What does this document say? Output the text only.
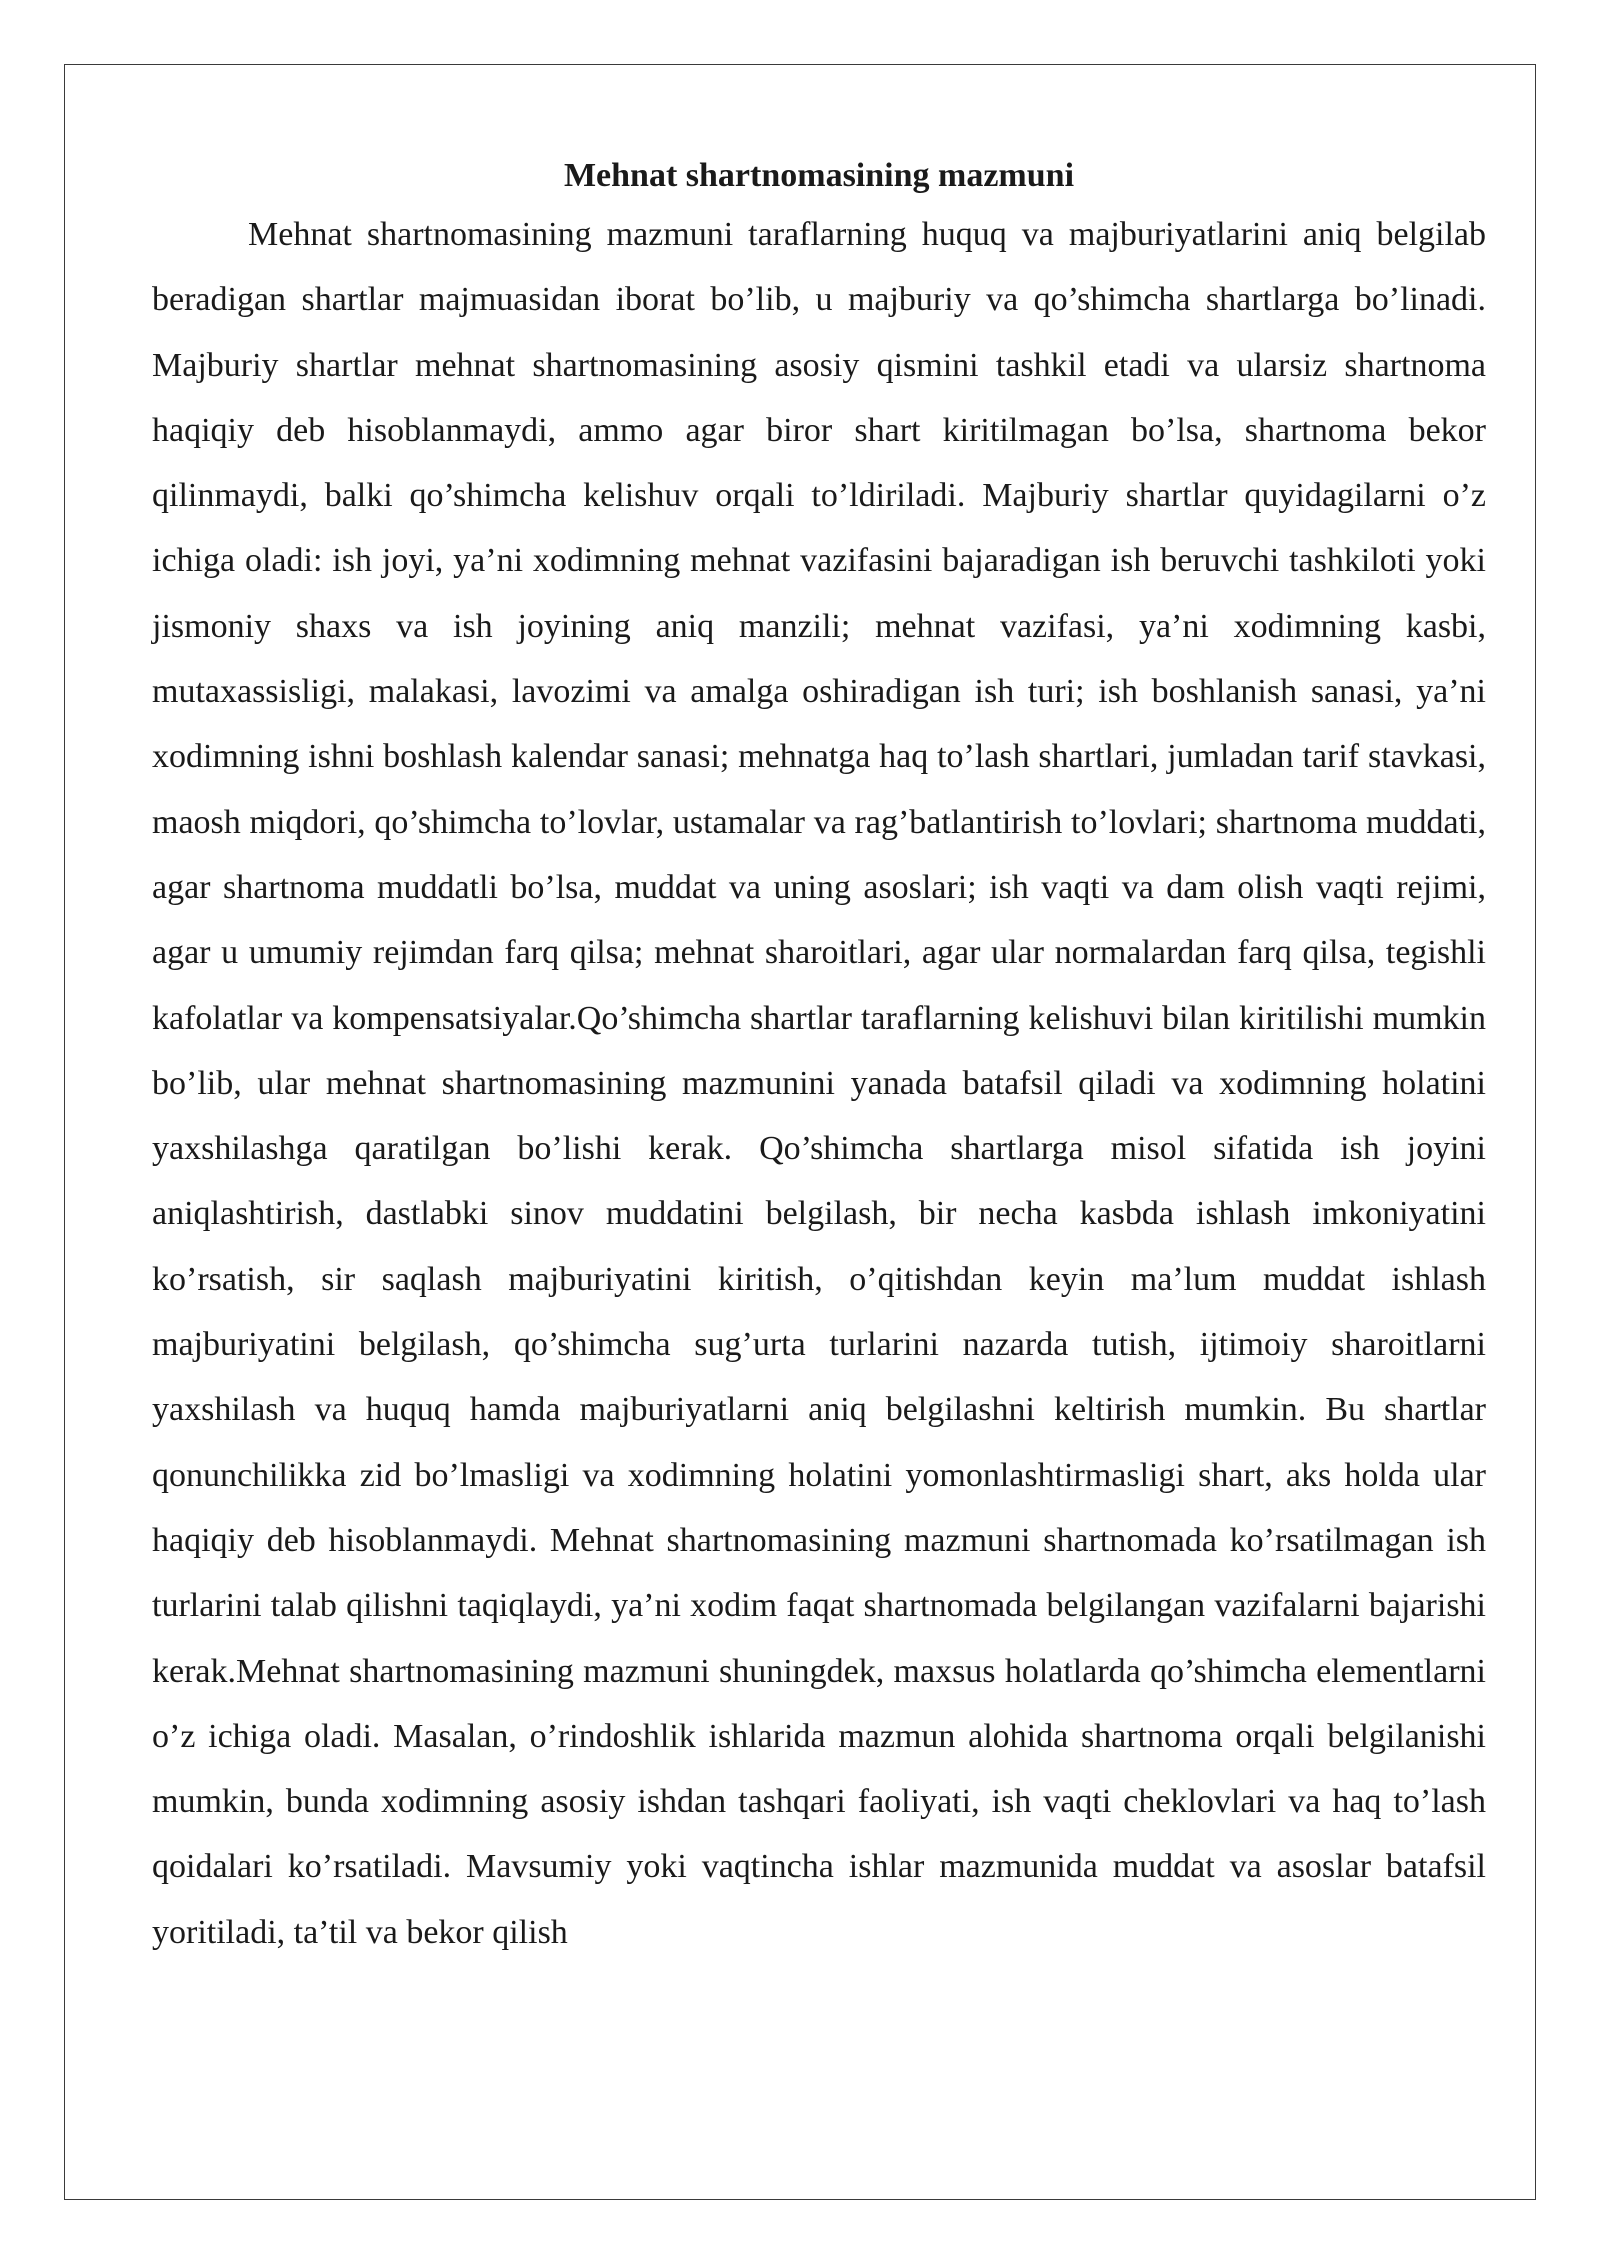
Mehnat shartnomasining mazmuni

Mehnat shartnomasining mazmuni taraflarning huquq va majburiyatlarini aniq belgilab beradigan shartlar majmuasidan iborat bo’lib, u majburiy va qo’shimcha shartlarga bo’linadi. Majburiy shartlar mehnat shartnomasining asosiy qismini tashkil etadi va ularsiz shartnoma haqiqiy deb hisoblanmaydi, ammo agar biror shart kiritilmagan bo’lsa, shartnoma bekor qilinmaydi, balki qo’shimcha kelishuv orqali to’ldiriladi. Majburiy shartlar quyidagilarni o’z ichiga oladi: ish joyi, ya’ni xodimning mehnat vazifasini bajaradigan ish beruvchi tashkiloti yoki jismoniy shaxs va ish joyining aniq manzili; mehnat vazifasi, ya’ni xodimning kasbi, mutaxassisligi, malakasi, lavozimi va amalga oshiradigan ish turi; ish boshlanish sanasi, ya’ni xodimning ishni boshlash kalendar sanasi; mehnatga haq to’lash shartlari, jumladan tarif stavkasi, maosh miqdori, qo’shimcha to’lovlar, ustamalar va rag’batlantirish to’lovlari; shartnoma muddati, agar shartnoma muddatli bo’lsa, muddat va uning asoslari; ish vaqti va dam olish vaqti rejimi, agar u umumiy rejimdan farq qilsa; mehnat sharoitlari, agar ular normalardan farq qilsa, tegishli kafolatlar va kompensatsiyalar.Qo’shimcha shartlar taraflarning kelishuvi bilan kiritilishi mumkin bo’lib, ular mehnat shartnomasining mazmunini yanada batafsil qiladi va xodimning holatini yaxshilashga qaratilgan bo’lishi kerak. Qo’shimcha shartlarga misol sifatida ish joyini aniqlashtirish, dastlabki sinov muddatini belgilash, bir necha kasbda ishlash imkoniyatini ko’rsatish, sir saqlash majburiyatini kiritish, o’qitishdan keyin ma’lum muddat ishlash majburiyatini belgilash, qo’shimcha sug’urta turlarini nazarda tutish, ijtimoiy sharoitlarni yaxshilash va huquq hamda majburiyatlarni aniq belgilashni keltirish mumkin. Bu shartlar qonunchilikka zid bo’lmasligi va xodimning holatini yomonlashtirmasligi shart, aks holda ular haqiqiy deb hisoblanmaydi. Mehnat shartnomasining mazmuni shartnomada ko’rsatilmagan ish turlarini talab qilishni taqiqlaydi, ya’ni xodim faqat shartnomada belgilangan vazifalarni bajarishi kerak.Mehnat shartnomasining mazmuni shuningdek, maxsus holatlarda qo’shimcha elementlarni o’z ichiga oladi. Masalan, o’rindoshlik ishlarida mazmun alohida shartnoma orqali belgilanishi mumkin, bunda xodimning asosiy ishdan tashqari faoliyati, ish vaqti cheklovlari va haq to’lash qoidalari ko’rsatiladi. Mavsumiy yoki vaqtincha ishlar mazmunida muddat va asoslar batafsil yoritiladi, ta’til va bekor qilish
